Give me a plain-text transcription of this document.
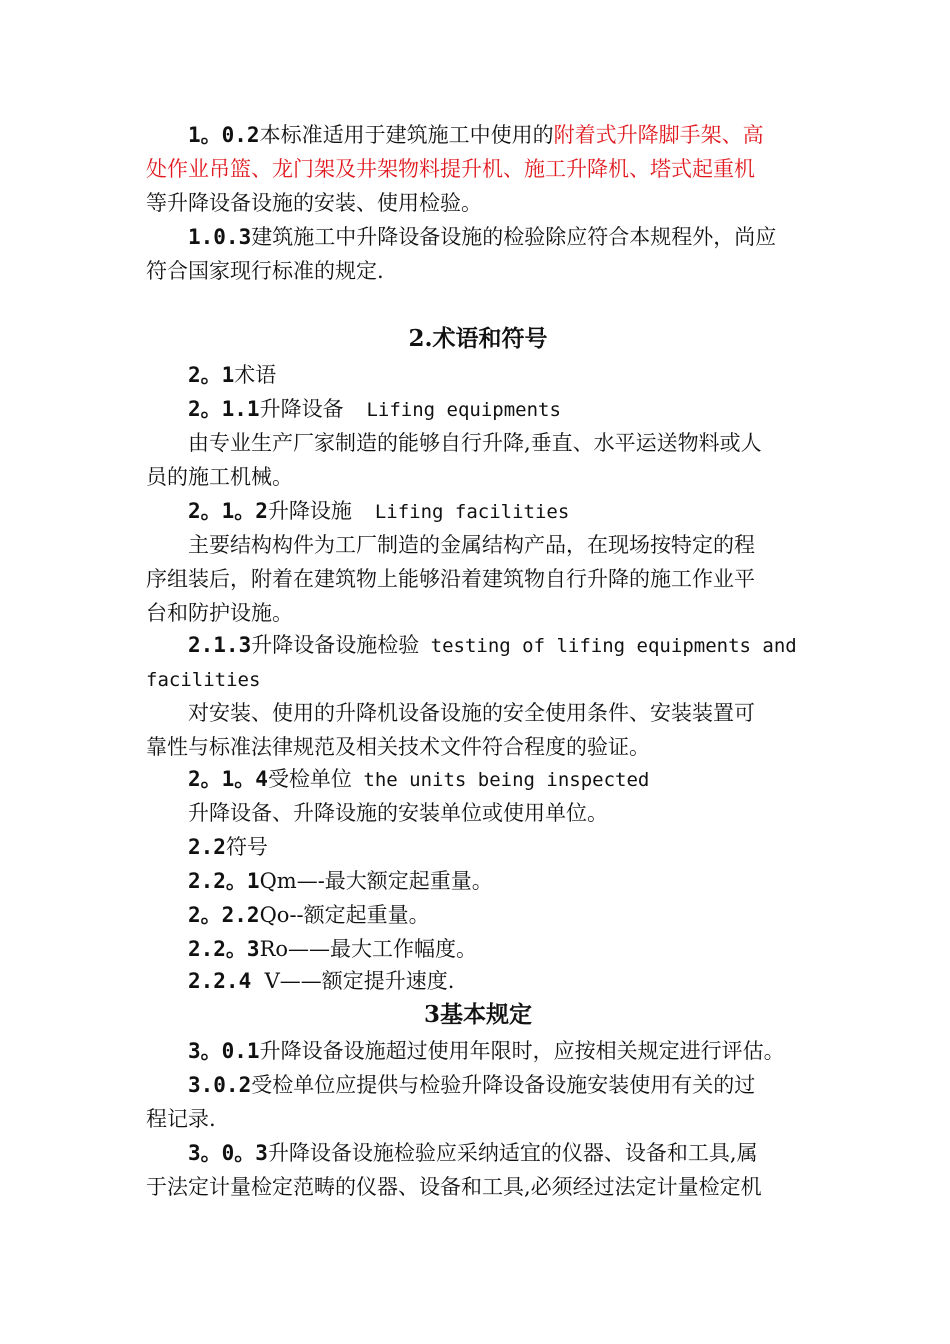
1。0.2本标准适用于建筑施工中使用的附着式升降脚手架、高
处作业吊篮、龙门架及井架物料提升机、施工升降机、塔式起重机
等升降设备设施的安装、使用检验。
1.0.3建筑施工中升降设备设施的检验除应符合本规程外，尚应
符合国家现行标准的规定.
2.术语和符号
2。1术语
2。1.1升降设备  Lifing equipments
由专业生产厂家制造的能够自行升降,垂直、水平运送物料或人
员的施工机械。
2。1。2升降设施  Lifing facilities
主要结构构件为工厂制造的金属结构产品，在现场按特定的程
序组装后，附着在建筑物上能够沿着建筑物自行升降的施工作业平
台和防护设施。
2.1.3升降设备设施检验 testing of lifing equipments and
facilities
对安装、使用的升降机设备设施的安全使用条件、安装装置可
靠性与标准法律规范及相关技术文件符合程度的验证。
2。1。4受检单位 the units being inspected
升降设备、升降设施的安装单位或使用单位。
2.2符号
2.2。1Qm—-最大额定起重量。
2。2.2Qo--额定起重量。
2.2。3Ro——最大工作幅度。
2.2.4  V——额定提升速度.
3基本规定
3。0.1升降设备设施超过使用年限时，应按相关规定进行评估。
3.0.2受检单位应提供与检验升降设备设施安装使用有关的过
程记录.
3。0。3升降设备设施检验应采纳适宜的仪器、设备和工具,属
于法定计量检定范畴的仪器、设备和工具,必须经过法定计量检定机
